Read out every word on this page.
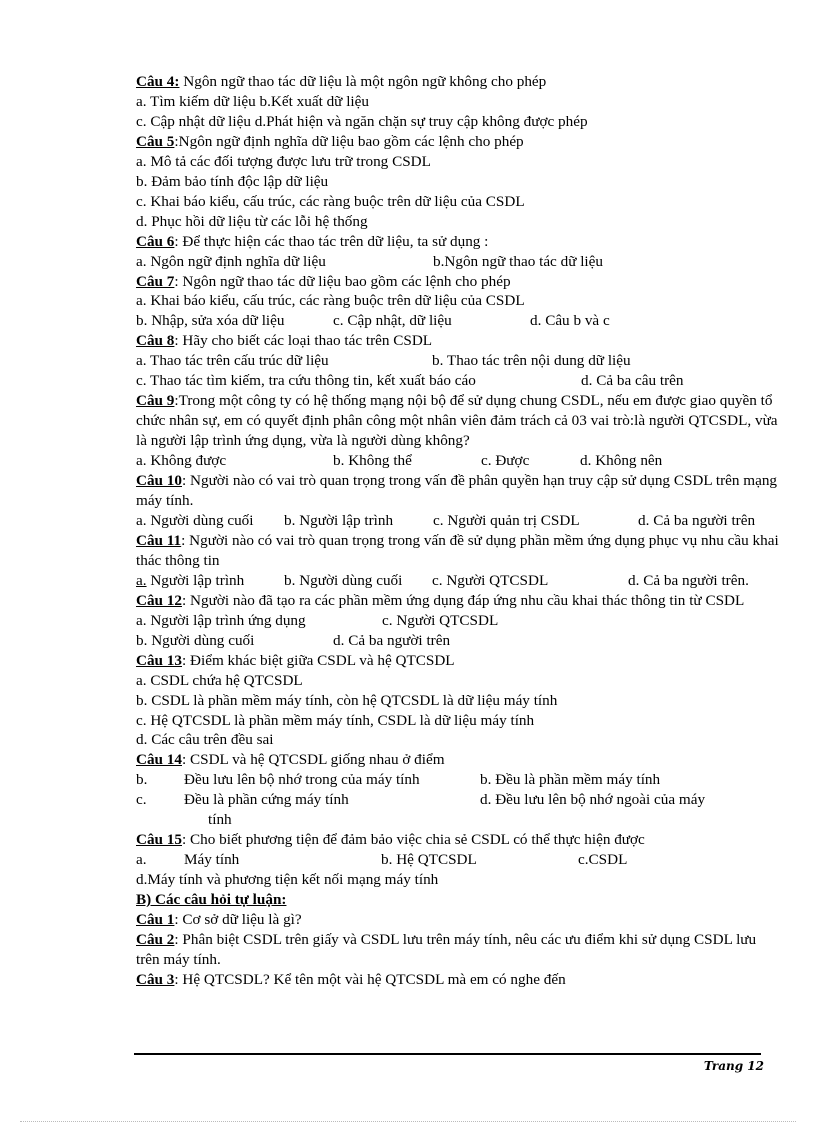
Câu 4: Ngôn ngữ thao tác dữ liệu là một ngôn ngữ không cho phép
a. Tìm kiếm dữ liệu b.Kết xuất dữ liệu
c. Cập nhật dữ liệu d.Phát hiện và ngăn chặn sự truy cập không được phép
Câu 5:Ngôn ngữ định nghĩa dữ liệu bao gồm các lệnh cho phép
a. Mô tả các đối tượng được lưu trữ trong CSDL
b. Đảm bảo tính độc lập dữ liệu
c. Khai báo kiểu, cấu trúc, các ràng buộc trên dữ liệu của CSDL
d. Phục hồi dữ liệu từ các lỗi hệ thống
Câu 6: Để thực hiện các thao tác trên dữ liệu, ta sử dụng :
a. Ngôn ngữ định nghĩa dữ liệu	b.Ngôn ngữ thao tác dữ liệu
Câu 7: Ngôn ngữ thao tác dữ liệu bao gồm các lệnh cho phép
a. Khai báo kiểu, cấu trúc, các ràng buộc trên dữ liệu của CSDL
b. Nhập, sửa xóa dữ liệu	c. Cập nhật, dữ liệu	d. Câu b và c
Câu 8: Hãy cho biết các loại thao tác trên CSDL
a. Thao tác trên cấu trúc dữ liệu	b. Thao tác trên nội dung dữ liệu
c. Thao tác tìm kiếm, tra cứu thông tin, kết xuất báo cáo	d. Cả ba câu trên
Câu 9:Trong một công ty có hệ thống mạng nội bộ để sử dụng chung CSDL, nếu em được giao quyền tổ chức nhân sự, em có quyết định phân công một nhân viên đảm trách cả 03 vai trò:là người QTCSDL, vừa là người lập trình ứng dụng, vừa là người dùng không?
a. Không được	b. Không thể	c. Được	d. Không nên
Câu 10: Người nào có vai trò quan trọng trong vấn đề phân quyền hạn truy cập sử dụng CSDL trên mạng máy tính.
a. Người dùng cuối b. Người lập trình	c. Người quản trị CSDL	d. Cả ba người trên
Câu 11: Người nào có vai trò quan trọng trong vấn đề sử dụng phần mềm ứng dụng phục vụ nhu cầu khai thác thông tin
a. Người lập trình	b. Người dùng cuối c. Người QTCSDL	d. Cả ba người trên.
Câu 12: Người nào đã tạo ra các phần mềm ứng dụng đáp ứng nhu cầu khai thác thông tin từ CSDL
a. Người lập trình ứng dụng	c. Người QTCSDL
b. Người dùng cuối	d. Cả ba người trên
Câu 13: Điểm khác biệt giữa CSDL và hệ QTCSDL
a. CSDL chứa hệ QTCSDL
b. CSDL là phần mềm máy tính, còn hệ QTCSDL là dữ liệu máy tính
c. Hệ QTCSDL là phần mềm máy tính, CSDL là dữ liệu máy tính
d. Các câu trên đều sai
Câu 14: CSDL và hệ QTCSDL giống nhau ở điểm
b. Đều lưu lên bộ nhớ trong của máy tính	b. Đều là phần mềm máy tính
c. Đều là phần cứng máy tính	d. Đều lưu lên bộ nhớ ngoài của máy
tính
Câu 15: Cho biết phương tiện để đảm bảo việc chia sẻ CSDL có thể thực hiện được
a. Máy tính	b. Hệ QTCSDL	c.CSDL
d.Máy tính và phương tiện kết nối mạng máy tính
B) Các câu hỏi tự luận:
Câu 1: Cơ sở dữ liệu là gì?
Câu 2: Phân biệt CSDL trên giấy và CSDL lưu trên máy tính, nêu các ưu điểm khi sử dụng CSDL lưu trên máy tính.
Câu 3: Hệ QTCSDL? Kể tên một vài hệ QTCSDL mà em có nghe đến
Trang 12
